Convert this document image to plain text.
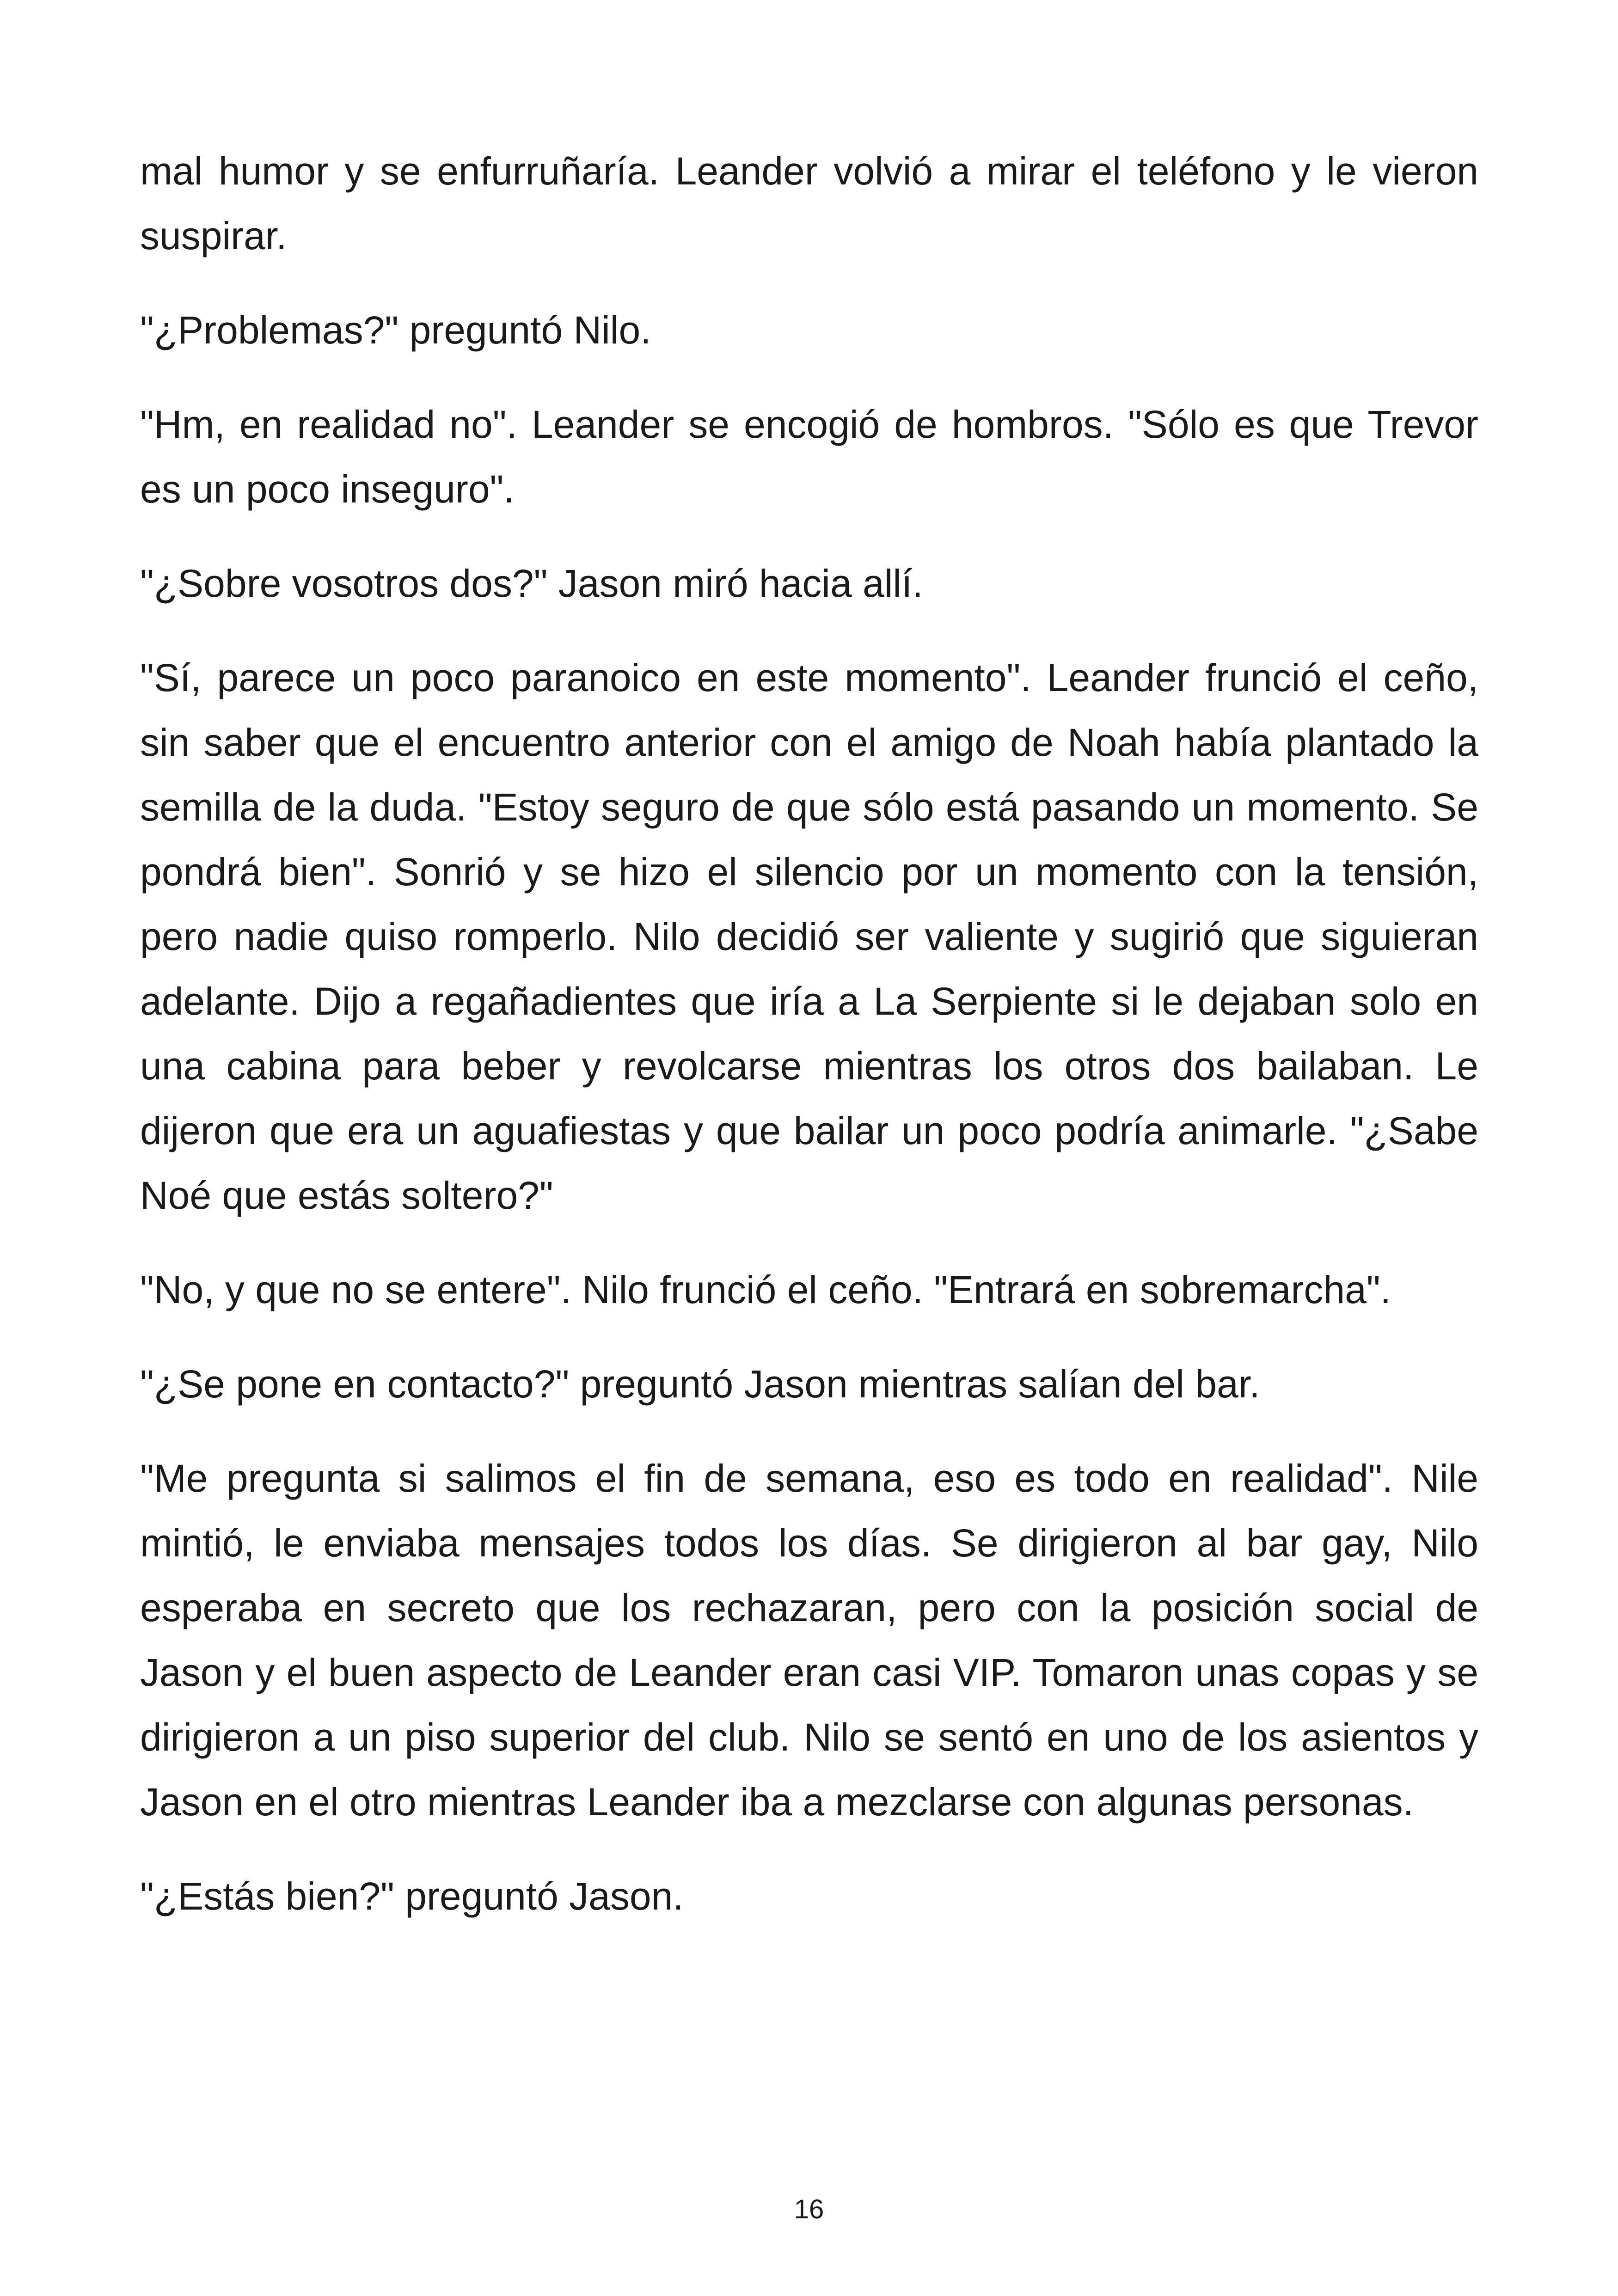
mal humor y se enfurruñaría. Leander volvió a mirar el teléfono y le vieron suspirar.

"¿Problemas?" preguntó Nilo.

"Hm, en realidad no". Leander se encogió de hombros. "Sólo es que Trevor es un poco inseguro".

"¿Sobre vosotros dos?" Jason miró hacia allí.

"Sí, parece un poco paranoico en este momento". Leander frunció el ceño, sin saber que el encuentro anterior con el amigo de Noah había plantado la semilla de la duda. "Estoy seguro de que sólo está pasando un momento. Se pondrá bien". Sonrió y se hizo el silencio por un momento con la tensión, pero nadie quiso romperlo. Nilo decidió ser valiente y sugirió que siguieran adelante. Dijo a regañadientes que iría a La Serpiente si le dejaban solo en una cabina para beber y revolcarse mientras los otros dos bailaban. Le dijeron que era un aguafiestas y que bailar un poco podría animarle. "¿Sabe Noé que estás soltero?"

"No, y que no se entere". Nilo frunció el ceño. "Entrará en sobremarcha".

"¿Se pone en contacto?" preguntó Jason mientras salían del bar.

"Me pregunta si salimos el fin de semana, eso es todo en realidad". Nile mintió, le enviaba mensajes todos los días. Se dirigieron al bar gay, Nilo esperaba en secreto que los rechazaran, pero con la posición social de Jason y el buen aspecto de Leander eran casi VIP. Tomaron unas copas y se dirigieron a un piso superior del club. Nilo se sentó en uno de los asientos y Jason en el otro mientras Leander iba a mezclarse con algunas personas.

"¿Estás bien?" preguntó Jason.

16
